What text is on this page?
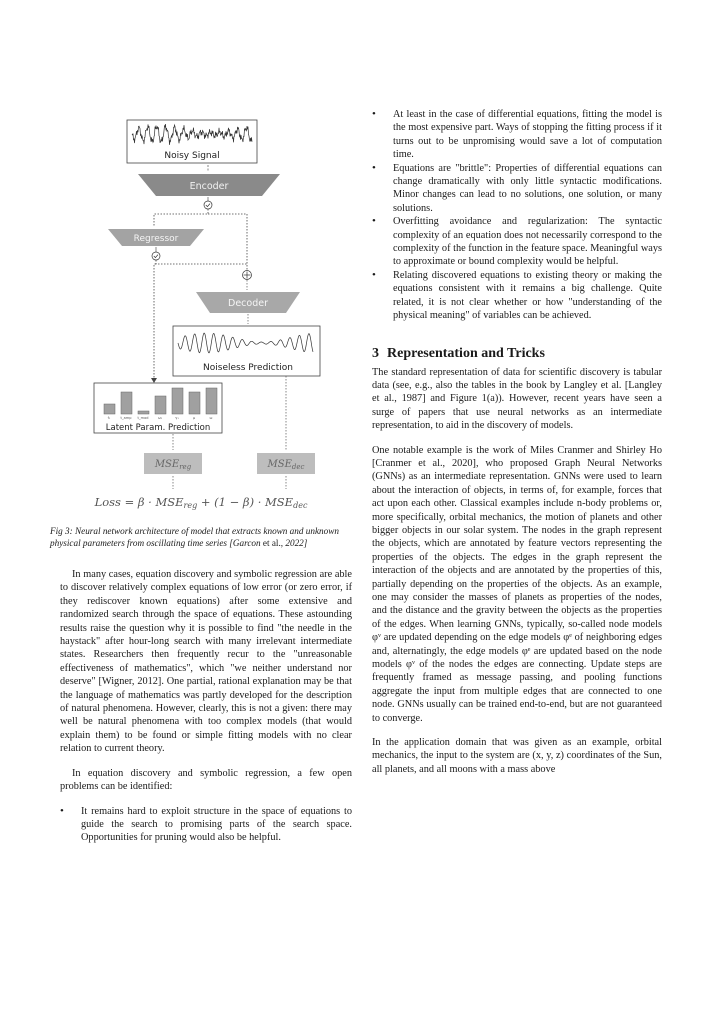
Noisy Signal
Encoder
Regressor
Decoder
Noiseless Prediction
f₁	t_amp t_mod	ω₁	γ₁	μ	ω
Latent Param. Prediction
$MSE_{reg}$	$MSE_{dec}$
Loss = β · MSEreg + (1 − β) · MSEdec
Fig 3: Neural network architecture of model that extracts known and unknown physical parameters from oscillating time series [Garcon et al., 2022]

In many cases, equation discovery and symbolic regression are able to discover relatively complex equations of low error (or zero error, if they rediscover known equations) after some extensive and randomized search through the space of equations. These astounding results raise the question why it is possible to find "the needle in the haystack" after hour-long search with many irrelevant intermediate states. Researchers then frequently recur to the "unreasonable effectiveness of mathematics", which "we neither understand nor deserve" [Wigner, 2012]. One partial, rational explanation may be that the language of mathematics was partly developed for the description of natural phenomena. However, clearly, this is not a given: there may well be natural phenomena with too complex models (that would explain them) to be found or simple fitting models with no clear relation to current theory.

In equation discovery and symbolic regression, a few open problems can be identified:

• It remains hard to exploit structure in the space of equations to guide the search to promising parts of the search space. Opportunities for pruning would also be helpful.
• At least in the case of differential equations, fitting the model is the most expensive part. Ways of stopping the fitting process if it turns out to be unpromising would save a lot of computation time.
• Equations are "brittle": Properties of differential equations can change dramatically with only little syntactic modifications. Minor changes can lead to no solutions, one solution, or many solutions.
• Overfitting avoidance and regularization: The syntactic complexity of an equation does not necessarily correspond to the complexity of the function in the feature space. Meaningful ways to approximate or bound complexity would be helpful.
• Relating discovered equations to existing theory or making the equations consistent with it remains a big challenge. Quite related, it is not clear whether or how "understanding of the physical meaning" of variables can be achieved.
3 Representation and Tricks

The standard representation of data for scientific discovery is tabular data (see, e.g., also the tables in the book by Langley et al. [Langley et al., 1987] and Figure 1(a)). However, recent years have seen a surge of papers that use neural networks as an intermediate representation, to aid in the discovery of models.

One notable example is the work of Miles Cranmer and Shirley Ho [Cranmer et al., 2020], who proposed Graph Neural Networks (GNNs) as an intermediate representation. GNNs were used to learn about the interaction of objects, in terms of, for example, forces that act upon each other. Classical examples include n-body problems or, more specifically, orbital mechanics, the motion of planets and other bigger objects in our solar system. The nodes in the graph represent the objects, which are annotated by feature vectors representing the properties of the objects. The edges in the graph represent the interaction of the objects and are annotated by the properties of this, partially depending on the properties of the objects. As an example, one may consider the masses of planets as properties of the nodes, and the distance and the gravity between the objects as the properties of the edges. When learning GNNs, typically, so-called node models φᵛ are updated depending on the edge models φᵉ of neighboring edges and, alternatingly, the edge models φᵉ are updated based on the node models φᵛ of the nodes the edges are connecting. Update steps are frequently framed as message passing, and pooling functions aggregate the input from multiple edges that are connected to one node. GNNs usually can be trained end-to-end, but are not guaranteed to converge.

In the application domain that was given as an example, orbital mechanics, the input to the system are (x, y, z) coordinates of the Sun, all planets, and all moons with a mass above
